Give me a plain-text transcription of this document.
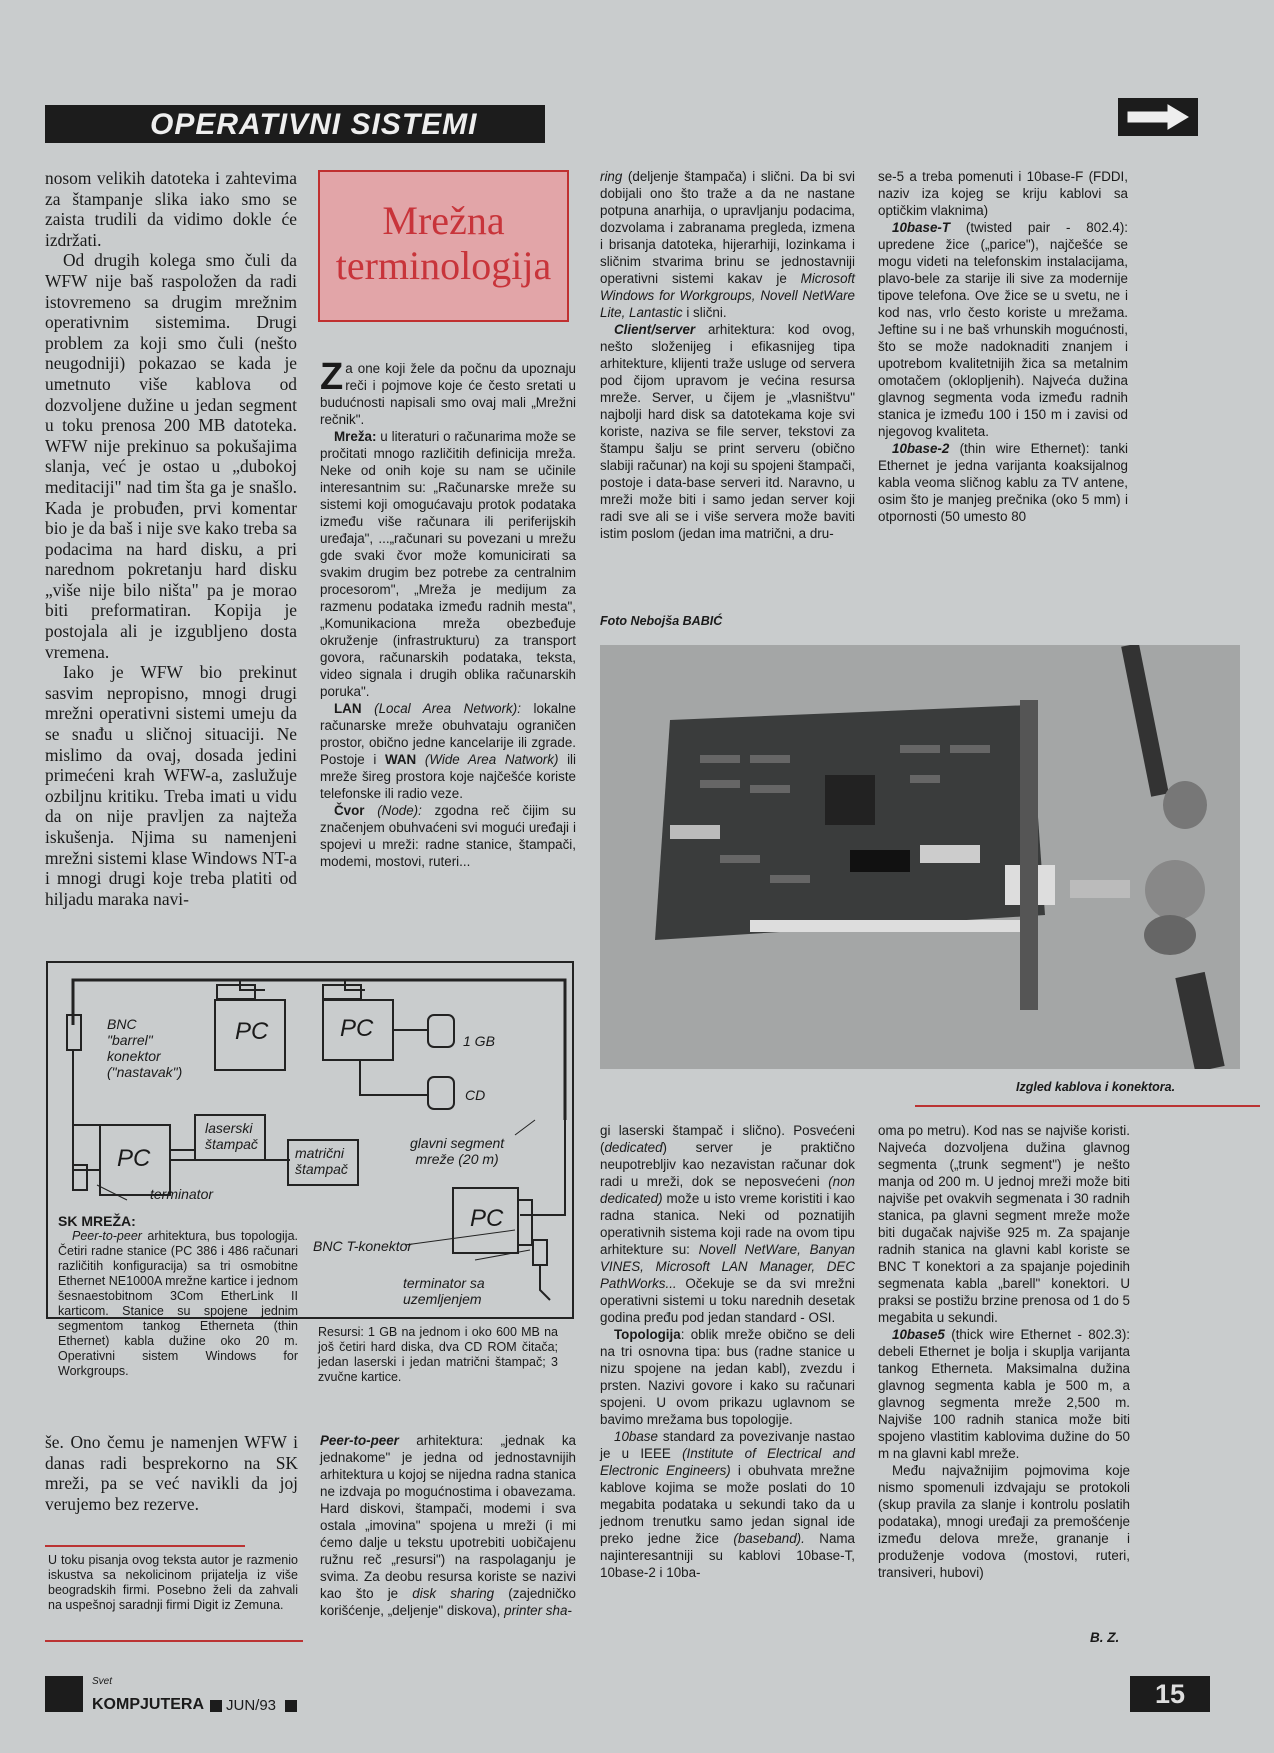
OPERATIVNI SISTEMI

nosom velikih datoteka i zahtevima za štampanje slika iako smo se zaista trudili da vidimo dokle će izdržati.

Od drugih kolega smo čuli da WFW nije baš raspoložen da radi istovremeno sa drugim mrežnim operativnim sistemima. Drugi problem za koji smo čuli (nešto neugodniji) pokazao se kada je umetnuto više kablova od dozvoljene dužine u jedan segment u toku prenosa 200 MB datoteka. WFW nije prekinuo sa pokušajima slanja, već je ostao u „dubokoj meditaciji" nad tim šta ga je snašlo. Kada je probuđen, prvi komentar bio je da baš i nije sve kako treba sa podacima na hard disku, a pri narednom pokretanju hard disku „više nije bilo ništa" pa je morao biti preformatiran. Kopija je postojala ali je izgubljeno dosta vremena.

Iako je WFW bio prekinut sasvim nepropisno, mnogi drugi mrežni operativni sistemi umeju da se snađu u sličnoj situaciji. Ne mislimo da ovaj, dosada jedini primećeni krah WFW-a, zaslužuje ozbiljnu kritiku. Treba imati u vidu da on nije pravljen za najteža iskušenja. Njima su namenjeni mrežni sistemi klase Windows NT-a i mnogi drugi koje treba platiti od hiljadu maraka navi-

Mrežna
terminologija

Za one koji žele da počnu da upoznaju reči i pojmove koje će često sretati u budućnosti napisali smo ovaj mali „Mrežni rečnik".

Mreža: u literaturi o računarima može se pročitati mnogo različitih definicija mreža. Neke od onih koje su nam se učinile interesantnim su: „Računarske mreže su sistemi koji omogućavaju protok podataka između više računara ili periferijskih uređaja", ...„računari su povezani u mrežu gde svaki čvor može komunicirati sa svakim drugim bez potrebe za centralnim procesorom", „Mreža je medijum za razmenu podataka između radnih mesta", „Komunikaciona mreža obezbeđuje okruženje (infrastrukturu) za transport govora, računarskih podataka, teksta, video signala i drugih oblika računarskih poruka".

LAN (Local Area Network): lokalne računarske mreže obuhvataju ograničen prostor, obično jedne kancelarije ili zgrade. Postoje i WAN (Wide Area Natwork) ili mreže šireg prostora koje najčešće koriste telefonske ili radio veze.

Čvor (Node): zgodna reč čijim su značenjem obuhvaćeni svi mogući uređaji i spojevi u mreži: radne stanice, štampači, modemi, mostovi, ruteri...

ring (deljenje štampača) i slični. Da bi svi dobijali ono što traže a da ne nastane potpuna anarhija, o upravljanju podacima, dozvolama i zabranama pregleda, izmena i brisanja datoteka, hijerarhiji, lozinkama i sličnim stvarima brinu se jednostavniji operativni sistemi kakav je Microsoft Windows for Workgroups, Novell NetWare Lite, Lantastic i slični.

Client/server arhitektura: kod ovog, nešto složenijeg i efikasnijeg tipa arhitekture, klijenti traže usluge od servera pod čijom upravom je većina resursa mreže. Server, u čijem je „vlasništvu" najbolji hard disk sa datotekama koje svi koriste, naziva se file server, tekstovi za štampu šalju se print serveru (obično slabiji računar) na koji su spojeni štampači, postoje i data-base serveri itd. Naravno, u mreži može biti i samo jedan server koji radi sve ali se i više servera može baviti istim poslom (jedan ima matrični, a dru-

se-5 a treba pomenuti i 10base-F (FDDI, naziv iza kojeg se kriju kablovi sa optičkim vlaknima)

10base-T (twisted pair - 802.4): upredene žice („parice"), najčešće se mogu videti na telefonskim instalacijama, plavo-bele za starije ili sive za modernije tipove telefona. Ove žice se u svetu, ne i kod nas, vrlo često koriste u mrežama. Jeftine su i ne baš vrhunskih mogućnosti, što se može nadoknaditi znanjem i upotrebom kvalitetnijih žica sa metalnim omotačem (oklopljenih). Najveća dužina glavnog segmenta voda između radnih stanica je između 100 i 150 m i zavisi od njegovog kvaliteta.

10base-2 (thin wire Ethernet): tanki Ethernet je jedna varijanta koaksijalnog kabla veoma sličnog kablu za TV antene, osim što je manjeg prečnika (oko 5 mm) i otpornosti (50 umesto 80

Foto Nebojša BABIĆ
Izgled kablova i konektora.
BNC
"barrel"
konektor
("nastavak")
PC	PC	1 GB
CD
PC
laserski
štampač
matrični
štampač
glavni segment
mreže (20 m)
terminator
PC
BNC T-konektor
terminator sa
uzemljenjem
SK MREŽA:

Peer-to-peer arhitektura, bus topologija. Četiri radne stanice (PC 386 i 486 računari različitih konfiguracija) sa tri osmobitne Ethernet NE1000A mrežne kartice i jednom šesnaestobitnom 3Com EtherLink II karticom. Stanice su spojene jednim segmentom tankog Etherneta (thin Ethernet) kabla dužine oko 20 m. Operativni sistem Windows for Workgroups.

Resursi: 1 GB na jednom i oko 600 MB na još četiri hard diska, dva CD ROM čitača; jedan laserski i jedan matrični štampač; 3 zvučne kartice.

še. Ono čemu je namenjen WFW i danas radi besprekorno na SK mreži, pa se već navikli da joj verujemo bez rezerve.

U toku pisanja ovog teksta autor je razmenio iskustva sa nekolicinom prijatelja iz više beogradskih firmi. Posebno želi da zahvali na uspešnoj saradnji firmi Digit iz Zemuna.

Peer-to-peer arhitektura: „jednak ka jednakome" je jedna od jednostavnijih arhitektura u kojoj se nijedna radna stanica ne izdvaja po mogućnostima i obavezama. Hard diskovi, štampači, modemi i sva ostala „imovina" spojena u mreži (i mi ćemo dalje u tekstu upotrebiti uobičajenu ružnu reč „resursi") na raspolaganju je svima. Za deobu resursa koriste se nazivi kao što je disk sharing (zajedničko korišćenje, „deljenje" diskova), printer sha-

gi laserski štampač i slično). Posvećeni (dedicated) server je praktično neupotrebljiv kao nezavistan računar dok radi u mreži, dok se neposvećeni (non dedicated) može u isto vreme koristiti i kao radna stanica. Neki od poznatijih operativnih sistema koji rade na ovom tipu arhitekture su: Novell NetWare, Banyan VINES, Microsoft LAN Manager, DEC PathWorks... Očekuje se da svi mrežni operativni sistemi u toku narednih desetak godina pređu pod jedan standard - OSI.

Topologija: oblik mreže obično se deli na tri osnovna tipa: bus (radne stanice u nizu spojene na jedan kabl), zvezdu i prsten. Nazivi govore i kako su računari spojeni. U ovom prikazu uglavnom se bavimo mrežama bus topologije.

10base standard za povezivanje nastao je u IEEE (Institute of Electrical and Electronic Engineers) i obuhvata mrežne kablove kojima se može poslati do 10 megabita podataka u sekundi tako da u jednom trenutku samo jedan signal ide preko jedne žice (baseband). Nama najinteresantniji su kablovi 10base-T, 10base-2 i 10ba-

oma po metru). Kod nas se najviše koristi. Najveća dozvoljena dužina glavnog segmenta („trunk segment") je nešto manja od 200 m. U jednoj mreži može biti najviše pet ovakvih segmenata i 30 radnih stanica, pa glavni segment mreže može biti dugačak najviše 925 m. Za spajanje radnih stanica na glavni kabl koriste se BNC T konektori a za spajanje pojedinih segmenata kabla „barell" konektori. U praksi se postižu brzine prenosa od 1 do 5 megabita u sekundi.

10base5 (thick wire Ethernet - 802.3): debeli Ethernet je bolja i skuplja varijanta tankog Etherneta. Maksimalna dužina glavnog segmenta kabla je 500 m, a glavnog segmenta mreže 2,500 m. Najviše 100 radnih stanica može biti spojeno vlastitim kablovima dužine do 50 m na glavni kabl mreže.

Među najvažnijim pojmovima koje nismo spomenuli izdvajaju se protokoli (skup pravila za slanje i kontrolu poslatih podataka), mnogi uređaji za premošćenje između delova mreže, grananje i produženje vodova (mostovi, ruteri, transiveri, hubovi)

B. Z.
Svet
KOMPJUTERA JUN/93	15
